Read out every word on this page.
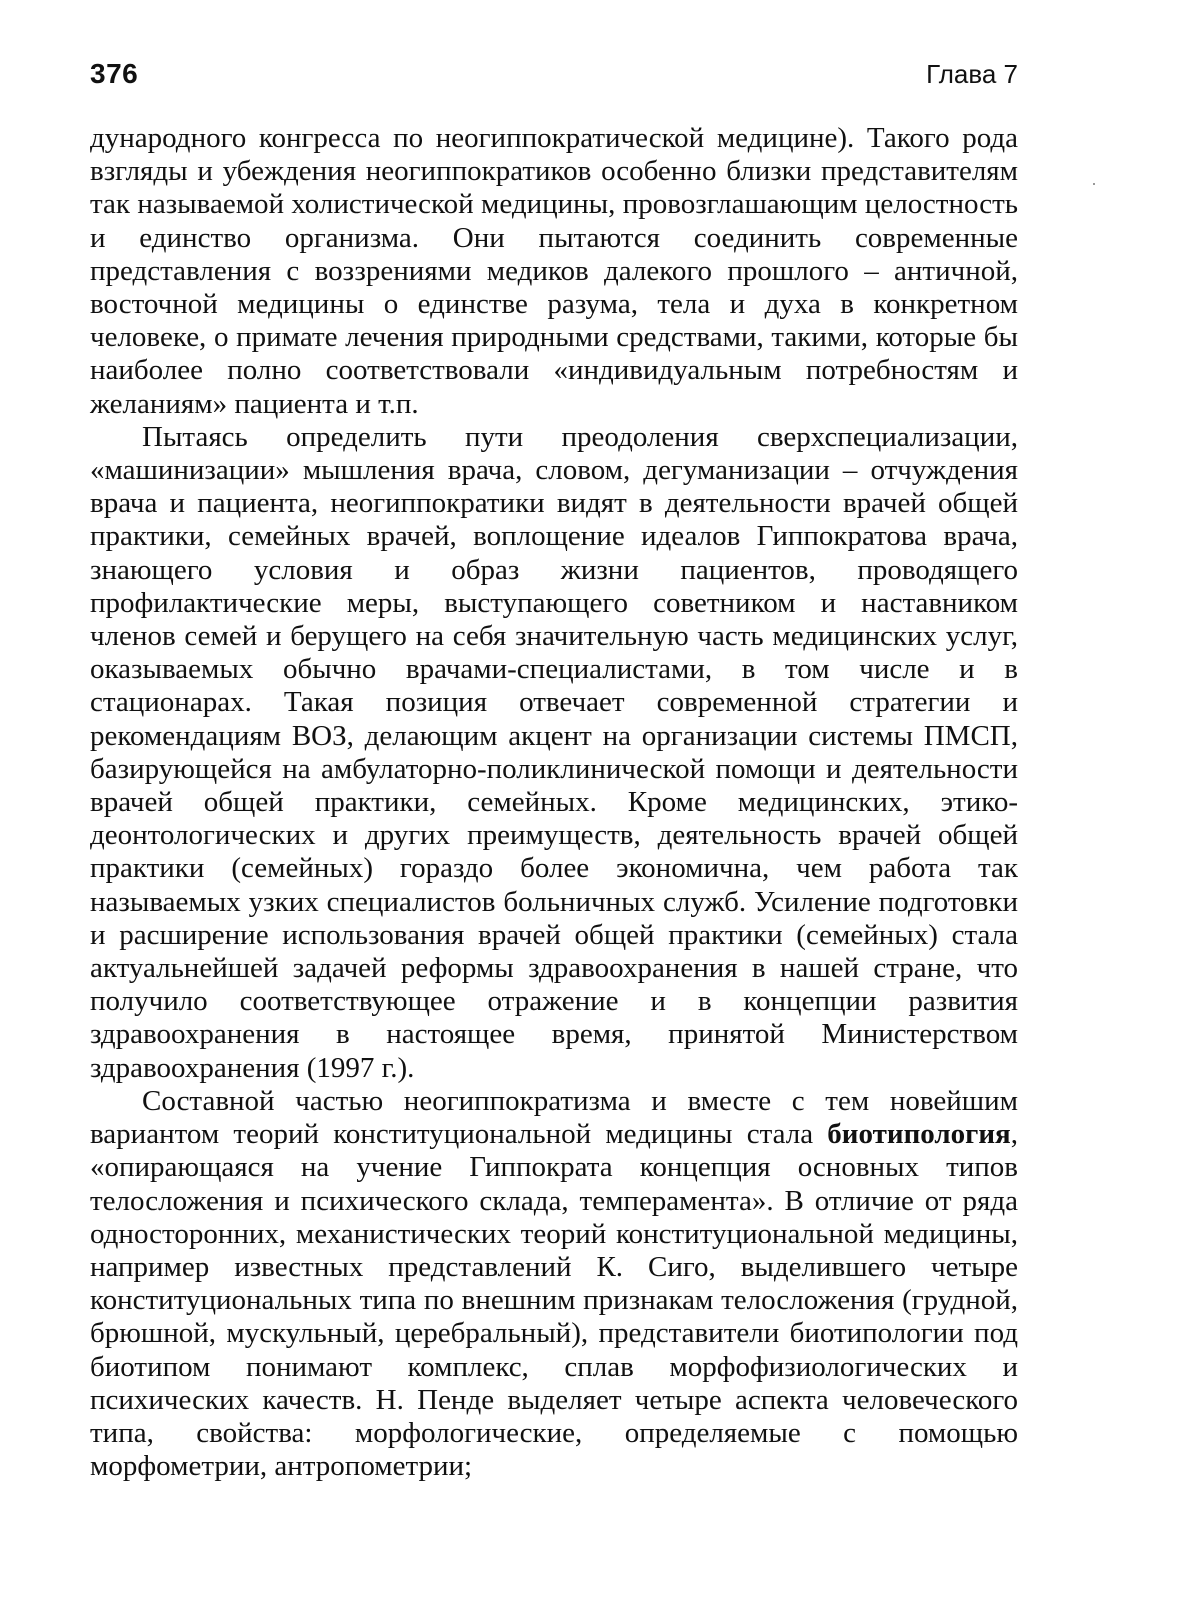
376	Глава 7

дународного конгресса по неогиппократической медицине). Такого рода взгляды и убеждения неогиппократиков особенно близки представителям так называемой холистической медицины, провозглашающим целостность и единство организма. Они пытаются соединить современные представления с воззрениями медиков далекого прошлого – античной, восточной медицины о единстве разума, тела и духа в конкретном человеке, о примате лечения природными средствами, такими, которые бы наиболее полно соответствовали «индивидуальным потребностям и желаниям» пациента и т.п.

Пытаясь определить пути преодоления сверхспециализации, «машинизации» мышления врача, словом, дегуманизации – отчуждения врача и пациента, неогиппократики видят в деятельности врачей общей практики, семейных врачей, воплощение идеалов Гиппократова врача, знающего условия и образ жизни пациентов, проводящего профилактические меры, выступающего советником и наставником членов семей и берущего на себя значительную часть медицинских услуг, оказываемых обычно врачами-специалистами, в том числе и в стационарах. Такая позиция отвечает современной стратегии и рекомендациям ВОЗ, делающим акцент на организации системы ПМСП, базирующейся на амбулаторно-поликлинической помощи и деятельности врачей общей практики, семейных. Кроме медицинских, этико-деонтологических и других преимуществ, деятельность врачей общей практики (семейных) гораздо более экономична, чем работа так называемых узких специалистов больничных служб. Усиление подготовки и расширение использования врачей общей практики (семейных) стала актуальнейшей задачей реформы здравоохранения в нашей стране, что получило соответствующее отражение и в концепции развития здравоохранения в настоящее время, принятой Министерством здравоохранения (1997 г.).

Составной частью неогиппократизма и вместе с тем новейшим вариантом теорий конституциональной медицины стала биотипология, «опирающаяся на учение Гиппократа концепция основных типов телосложения и психического склада, темперамента». В отличие от ряда односторонних, механистических теорий конституциональной медицины, например известных представлений К. Сиго, выделившего четыре конституциональных типа по внешним признакам телосложения (грудной, брюшной, мускульный, церебральный), представители биотипологии под биотипом понимают комплекс, сплав морфофизиологических и психических качеств. Н. Пенде выделяет четыре аспекта человеческого типа, свойства: морфологические, определяемые с помощью морфометрии, антропометрии;
